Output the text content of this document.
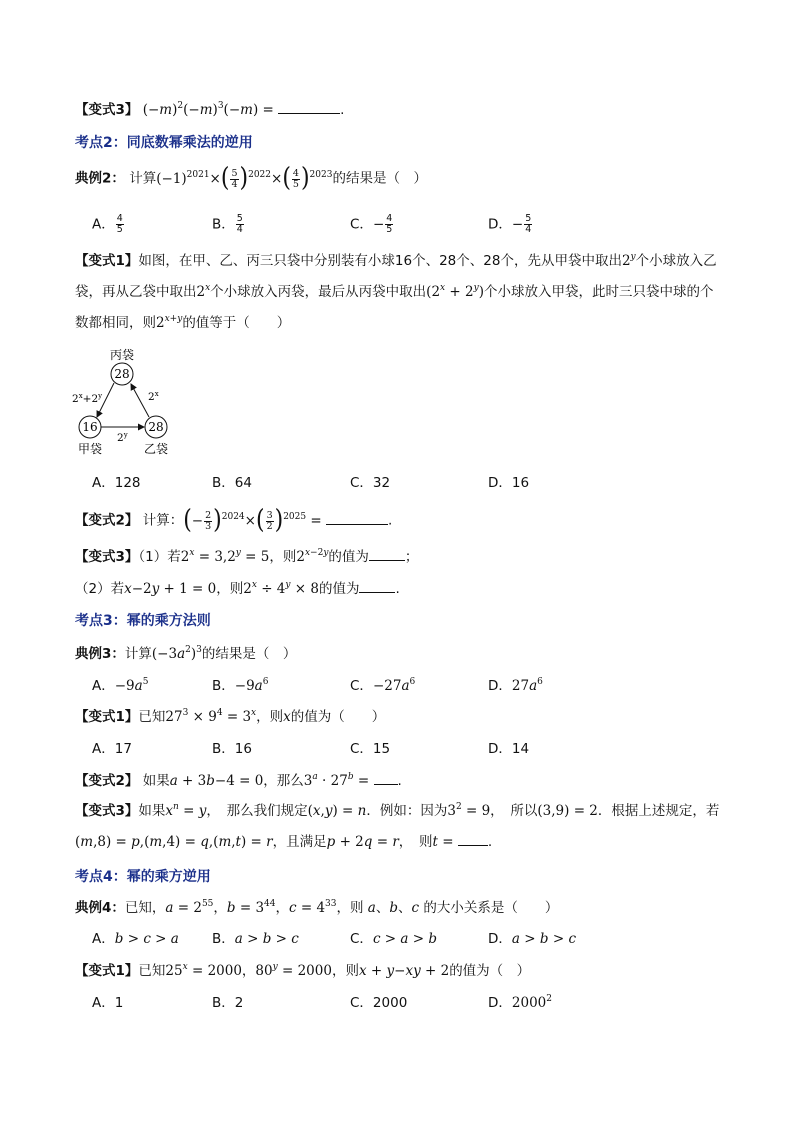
【变式3】 $(-m)^2(-m)^3(-m)$ =	.
考点2：同底数幂乘法的逆用
典例2： 计算$(-1)^{2021}\times( \frac{5}{4} )^{2022}\times( \frac{4}{5} )^{2023}$的结果是（　）
A． $\frac{4}{5}$	B． $\frac{5}{4}$	C．− $\frac{4}{5}$	D．− $\frac{5}{4}$
【变式1】如图，在甲、乙、丙三只袋中分别装有小球16个、28个、28个，先从甲袋中取出2$^y$个小球放入乙袋，再从乙袋中取出2$^x$个小球放入丙袋，最后从丙袋中取出$(2^x + 2^y)$个小球放入甲袋，此时三只袋中球的个数都相同，则$2^{x+y}$的值等于（　　）
丙袋
28
16
甲袋
28
乙袋
$2^x+2^y$
2$^y$
2$^x$
A．128	B．64	C．32	D．16
【变式2】 计算：(− $\frac{2}{3} )^{2024}\times( \frac{3}{2} )^{2025}$ =	.
【变式3】（1）若$2^x = 3,2^y = 5$，则$2^{x-2y}$的值为	；
（2）若x−2y + 1 = 0，则$2^x \div 4^y \times 8$的值为	.
考点3：幂的乘方法则
典例3：计算$(-3a^2)^3$的结果是（　）
A．$-9a^5$	B．$-9a^6$	C．$-27a^6$	D．$27a^6$
【变式1】已知$27^3 \times 9^4 = 3^x$，则x的值为（　　）
A．17	B．16	C．15	D．14
【变式2】 如果a + 3b−4 = 0，那么$3^a \cdot 27^b$ = .
【变式3】如果$x^n = y$，　那么我们规定(x,y) = n．例如：因为$3^2 = 9$，　所以(3,9) = 2．根据上述规定，若(m,8) = p,(m,4) = q,(m,t) = r，且满足p + 2q = r，　则t = .
考点4：幂的乘方逆用
典例4：已知，$a = 2^{55}$，$b = 3^{44}$，$c = 4^{33}$，则 a、b、c 的大小关系是（　　）
A．b > c > a B．a > b > c	C．c > a > b	D．a > b > c
【变式1】已知$25^x = 2000$，$80^y = 2000$，则x + y−xy + 2的值为（　）
A．1	B．2	C．2000	D．2000$^2$
